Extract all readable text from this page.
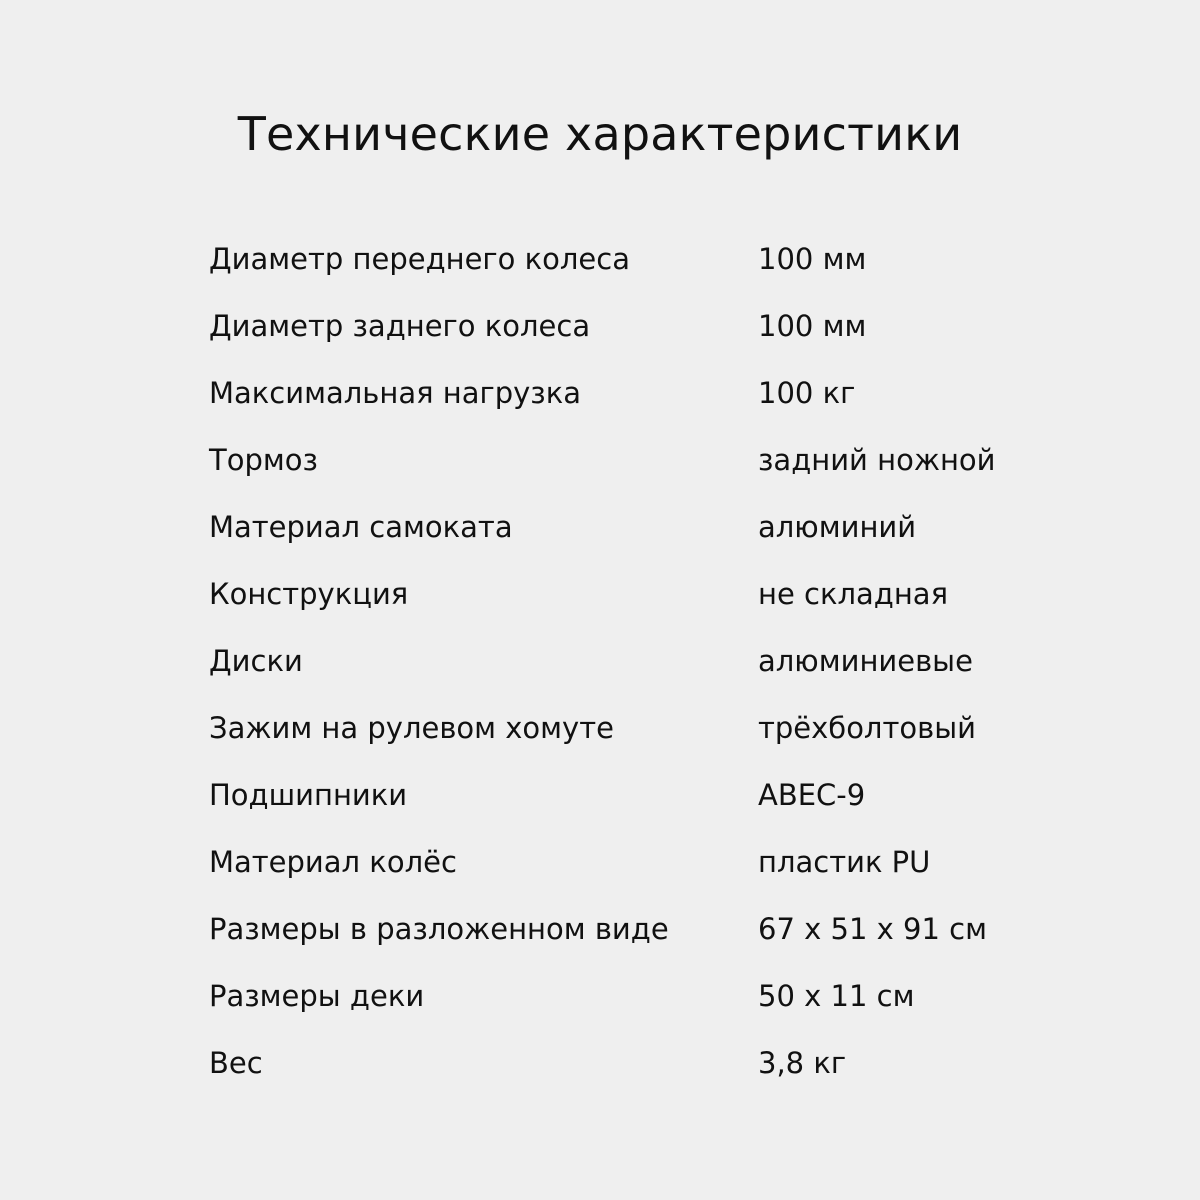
Технические характеристики
Диаметр переднего колеса	100 мм
Диаметр заднего колеса	100 мм
Максимальная нагрузка	100 кг
Тормоз	задний ножной
Материал самоката	алюминий
Конструкция	не складная
Диски	алюминиевые
Зажим на рулевом хомуте	трёхболтовый
Подшипники	ABEC-9
Материал колёс	пластик PU
Размеры в разложенном виде	67 x 51 x 91 см
Размеры деки	50 x 11 см
Вес	3,8 кг
